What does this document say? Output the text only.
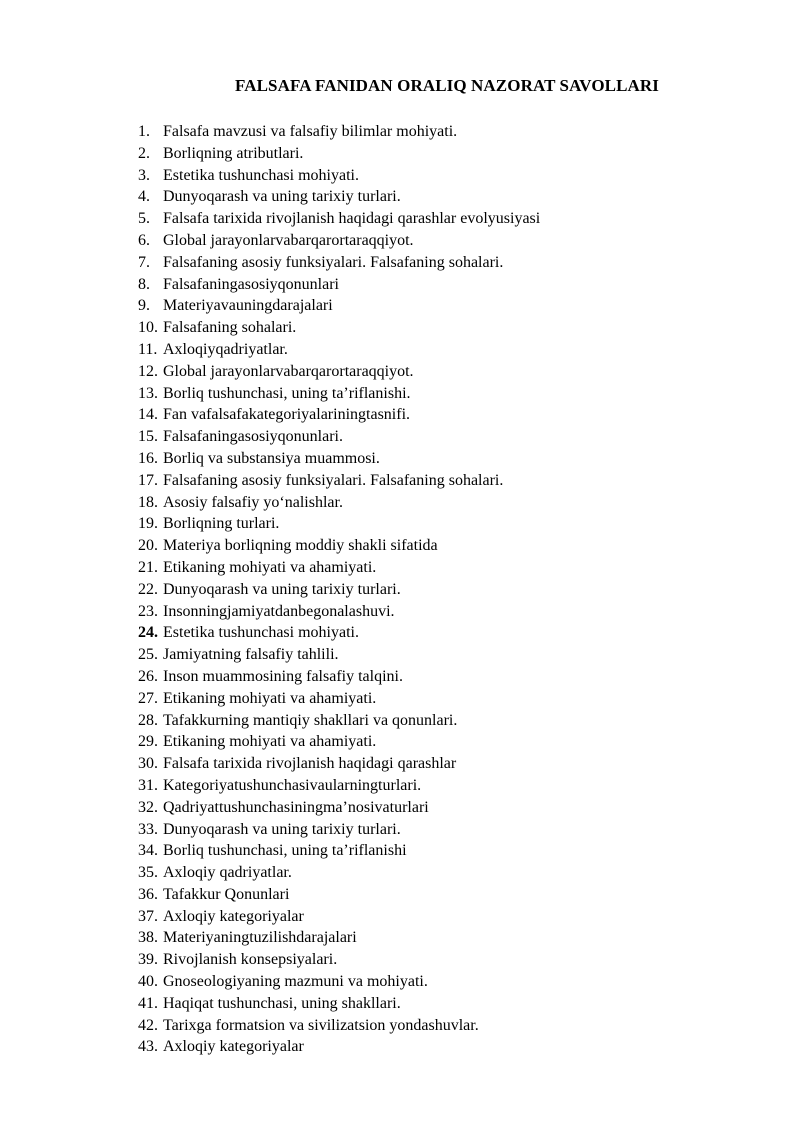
FALSAFA FANIDAN ORALIQ NAZORAT SAVOLLARI
1. Falsafa mavzusi va falsafiy bilimlar mohiyati.
2. Borliqning atributlari.
3. Estetika tushunchasi mohiyati.
4. Dunyoqarash va uning tarixiy turlari.
5. Falsafa tarixida rivojlanish haqidagi qarashlar evolyusiyasi
6. Global jarayonlarvabarqarortaraqqiyot.
7. Falsafaning asosiy funksiyalari. Falsafaning sohalari.
8. Falsafaningasosiyqonunlari
9. Materiyavauningdarajalari
10. Falsafaning sohalari.
11. Axloqiyqadriyatlar.
12. Global jarayonlarvabarqarortaraqqiyot.
13. Borliq tushunchasi, uning ta’riflanishi.
14. Fan vafalsafakategoriyalariningtasnifi.
15. Falsafaningasosiyqonunlari.
16. Borliq va substansiya muammosi.
17. Falsafaning asosiy funksiyalari. Falsafaning sohalari.
18. Asosiy falsafiy yo‘nalishlar.
19. Borliqning turlari.
20. Materiya borliqning moddiy shakli sifatida
21. Etikaning mohiyati va ahamiyati.
22. Dunyoqarash va uning tarixiy turlari.
23. Insonningjamiyatdanbegonalashuvi.
24. Estetika tushunchasi mohiyati.
25. Jamiyatning falsafiy tahlili.
26. Inson muammosining falsafiy talqini.
27. Etikaning mohiyati va ahamiyati.
28. Tafakkurning mantiqiy shakllari va qonunlari.
29. Etikaning mohiyati va ahamiyati.
30. Falsafa tarixida rivojlanish haqidagi qarashlar
31. Kategoriyatushunchasivaularningturlari.
32. Qadriyattushunchasiningma’nosivaturlari
33. Dunyoqarash va uning tarixiy turlari.
34. Borliq tushunchasi, uning ta’riflanishi
35. Axloqiy qadriyatlar.
36. Tafakkur Qonunlari
37. Axloqiy kategoriyalar
38. Materiyaningtuzilishdarajalari
39. Rivojlanish konsepsiyalari.
40. Gnoseologiyaning mazmuni va mohiyati.
41. Haqiqat tushunchasi, uning shakllari.
42. Tarixga formatsion va sivilizatsion yondashuvlar.
43. Axloqiy kategoriyalar
